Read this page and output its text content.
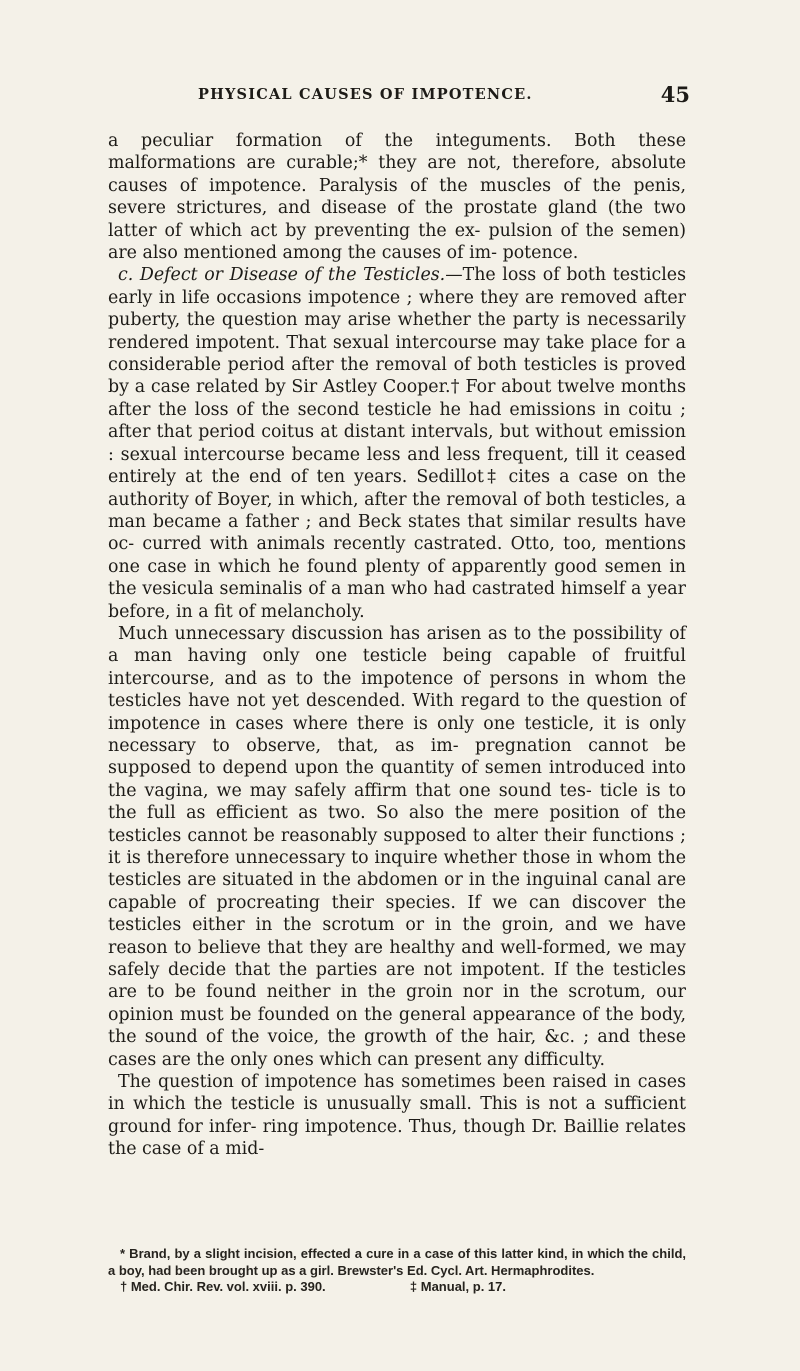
PHYSICAL CAUSES OF IMPOTENCE.	45

a peculiar formation of the integuments. Both these malformations are curable;* they are not, therefore, absolute causes of impotence. Paralysis of the muscles of the penis, severe strictures, and disease of the prostate gland (the two latter of which act by preventing the ex- pulsion of the semen) are also mentioned among the causes of im- potence.

c. Defect or Disease of the Testicles.—The loss of both testicles early in life occasions impotence ; where they are removed after puberty, the question may arise whether the party is necessarily rendered impotent. That sexual intercourse may take place for a considerable period after the removal of both testicles is proved by a case related by Sir Astley Cooper.† For about twelve months after the loss of the second testicle he had emissions in coitu ; after that period coitus at distant intervals, but without emission : sexual intercourse became less and less frequent, till it ceased entirely at the end of ten years. Sedillot‡ cites a case on the authority of Boyer, in which, after the removal of both testicles, a man became a father ; and Beck states that similar results have oc- curred with animals recently castrated. Otto, too, mentions one case in which he found plenty of apparently good semen in the vesicula seminalis of a man who had castrated himself a year before, in a fit of melancholy.

Much unnecessary discussion has arisen as to the possibility of a man having only one testicle being capable of fruitful intercourse, and as to the impotence of persons in whom the testicles have not yet descended. With regard to the question of impotence in cases where there is only one testicle, it is only necessary to observe, that, as im- pregnation cannot be supposed to depend upon the quantity of semen introduced into the vagina, we may safely affirm that one sound tes- ticle is to the full as efficient as two. So also the mere position of the testicles cannot be reasonably supposed to alter their functions ; it is therefore unnecessary to inquire whether those in whom the testicles are situated in the abdomen or in the inguinal canal are capable of procreating their species. If we can discover the testicles either in the scrotum or in the groin, and we have reason to believe that they are healthy and well-formed, we may safely decide that the parties are not impotent. If the testicles are to be found neither in the groin nor in the scrotum, our opinion must be founded on the general appearance of the body, the sound of the voice, the growth of the hair, &c. ; and these cases are the only ones which can present any difficulty.

The question of impotence has sometimes been raised in cases in which the testicle is unusually small. This is not a sufficient ground for infer- ring impotence. Thus, though Dr. Baillie relates the case of a mid-

* Brand, by a slight incision, effected a cure in a case of this latter kind, in which the child, a boy, had been brought up as a girl. Brewster's Ed. Cycl. Art. Hermaphrodites.

† Med. Chir. Rev. vol. xviii. p. 390.	‡ Manual, p. 17.
